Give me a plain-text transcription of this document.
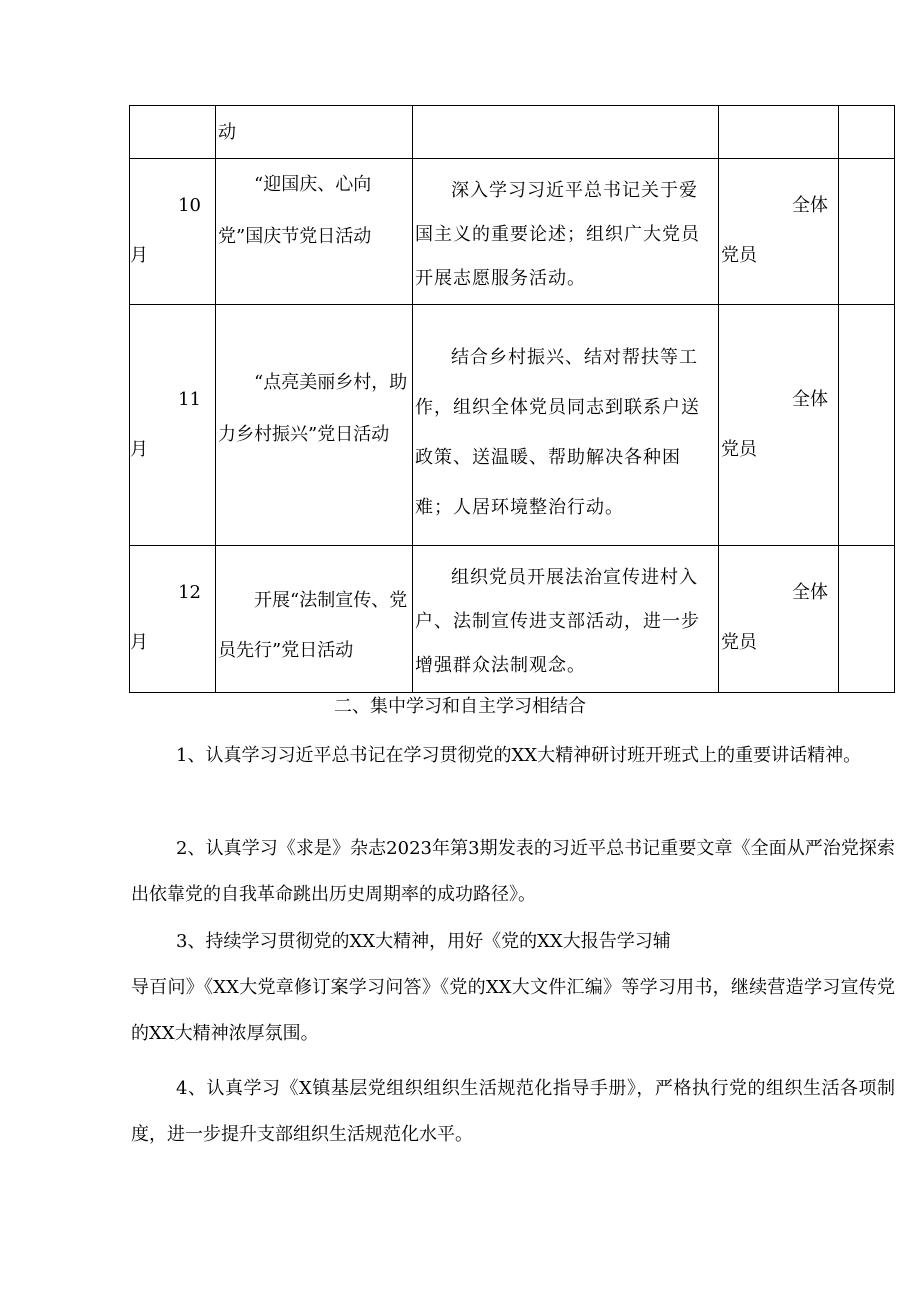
	动			

10
月	“迎国庆、心向党”国庆节党日活动	深入学习习近平总书记关于爱国主义的重要论述；组织广大党员开展志愿服务活动。	全体
党员	

11
月	“点亮美丽乡村，助力乡村振兴”党日活动	结合乡村振兴、结对帮扶等工作，组织全体党员同志到联系户送政策、送温暖、帮助解决各种困难；人居环境整治行动。	全体
党员	

12
月	开展“法制宣传、党员先行”党日活动	组织党员开展法治宣传进村入户、法制宣传进支部活动，进一步增强群众法制观念。	全体
党员	

二、集中学习和自主学习相结合

1、认真学习习近平总书记在学习贯彻党的XX大精神研讨班开班式上的重要讲话精神。

2、认真学习《求是》杂志2023年第3期发表的习近平总书记重要文章《全面从严治党探索出依靠党的自我革命跳出历史周期率的成功路径》。

3、持续学习贯彻党的XX大精神，用好《党的XX大报告学习辅
导百问》《XX大党章修订案学习问答》《党的XX大文件汇编》等学习用书，继续营造学习宣传党的XX大精神浓厚氛围。

4、认真学习《X镇基层党组织组织生活规范化指导手册》，严格执行党的组织生活各项制度，进一步提升支部组织生活规范化水平。
